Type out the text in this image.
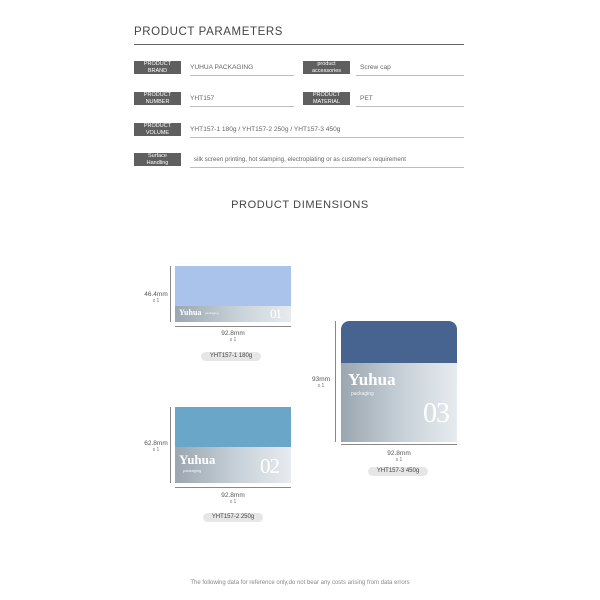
PRODUCT PARAMETERS
PRODUCT BRAND	YUHUA PACKAGING	product accessories	Screw cap
PRODUCT NUMBER	YHT157	PRODUCT MATERIAL	PET
PRODUCT VOLUME	YHT157-1 180g / YHT157-2 250g / YHT157-3 450g
Surface Handling	silk screen printing, hot stamping, electroplating or as customer's requirement
PRODUCT DIMENSIONS
46.4mm
x 1
Yuhua packaging	01
92.8mm
x 1
YHT157-1 180g
62.8mm
x 1
Yuhua
packaging	02
92.8mm
x 1
YHT157-2 250g
93mm
x 1	Yuhua
packaging
03
92.8mm
x 1
YHT157-3 450g
The following data for reference only,do not bear any costs arising from data errors
